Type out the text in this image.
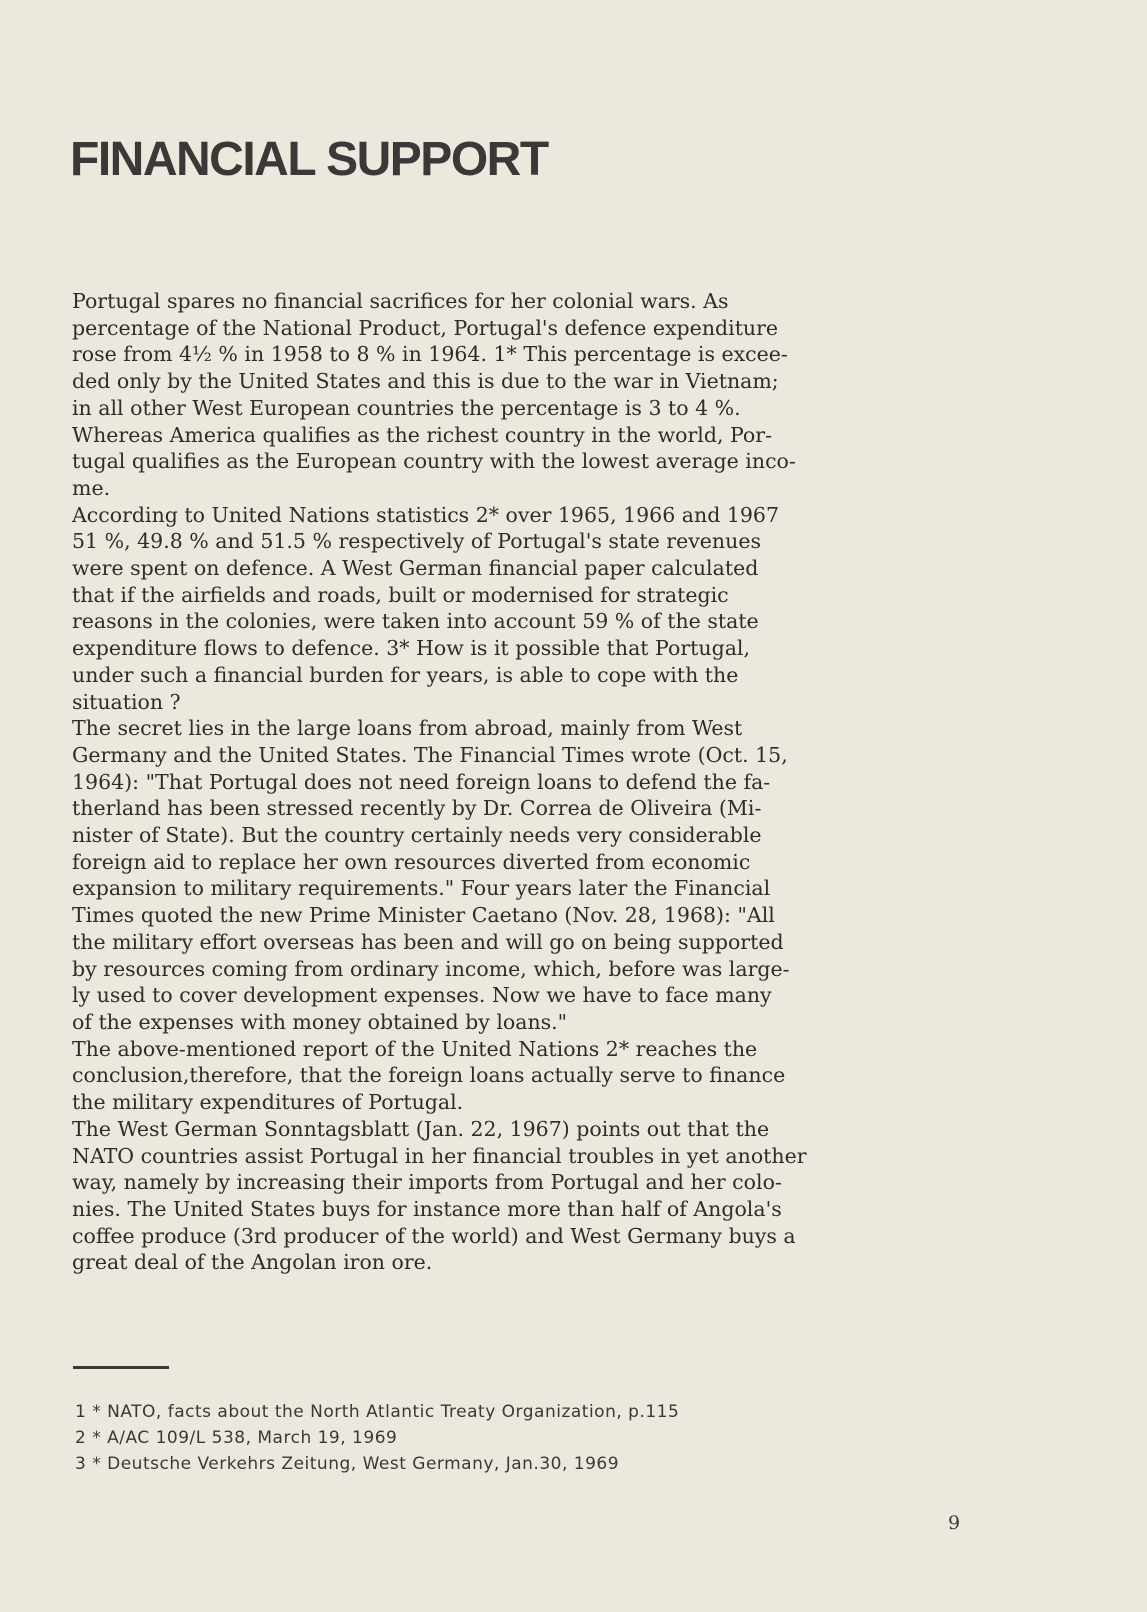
FINANCIAL SUPPORT
Portugal spares no financial sacrifices for her colonial wars. As
percentage of the National Product, Portugal's defence expenditure
rose from 4½ % in 1958 to 8 % in 1964. 1* This percentage is excee-
ded only by the United States and this is due to the war in Vietnam;
in all other West European countries the percentage is 3 to 4 %.
Whereas America qualifies as the richest country in the world, Por-
tugal qualifies as the European country with the lowest average inco-
me.
According to United Nations statistics 2* over 1965, 1966 and 1967
51 %, 49.8 % and 51.5 % respectively of Portugal's state revenues
were spent on defence. A West German financial paper calculated
that if the airfields and roads, built or modernised for strategic
reasons in the colonies, were taken into account 59 % of the state
expenditure flows to defence. 3* How is it possible that Portugal,
under such a financial burden for years, is able to cope with the
situation ?
The secret lies in the large loans from abroad, mainly from West
Germany and the United States. The Financial Times wrote (Oct. 15,
1964): "That Portugal does not need foreign loans to defend the fa-
therland has been stressed recently by Dr. Correa de Oliveira (Mi-
nister of State). But the country certainly needs very considerable
foreign aid to replace her own resources diverted from economic
expansion to military requirements." Four years later the Financial
Times quoted the new Prime Minister Caetano (Nov. 28, 1968): "All
the military effort overseas has been and will go on being supported
by resources coming from ordinary income, which, before was large-
ly used to cover development expenses. Now we have to face many
of the expenses with money obtained by loans."
The above-mentioned report of the United Nations 2* reaches the
conclusion,therefore, that the foreign loans actually serve to finance
the military expenditures of Portugal.
The West German Sonntagsblatt (Jan. 22, 1967) points out that the
NATO countries assist Portugal in her financial troubles in yet another
way, namely by increasing their imports from Portugal and her colo-
nies. The United States buys for instance more than half of Angola's
coffee produce (3rd producer of the world) and West Germany buys a
great deal of the Angolan iron ore.
1 * NATO, facts about the North Atlantic Treaty Organization, p.115
2 * A/AC 109/L 538, March 19, 1969
3 * Deutsche Verkehrs Zeitung, West Germany, Jan.30, 1969
9
